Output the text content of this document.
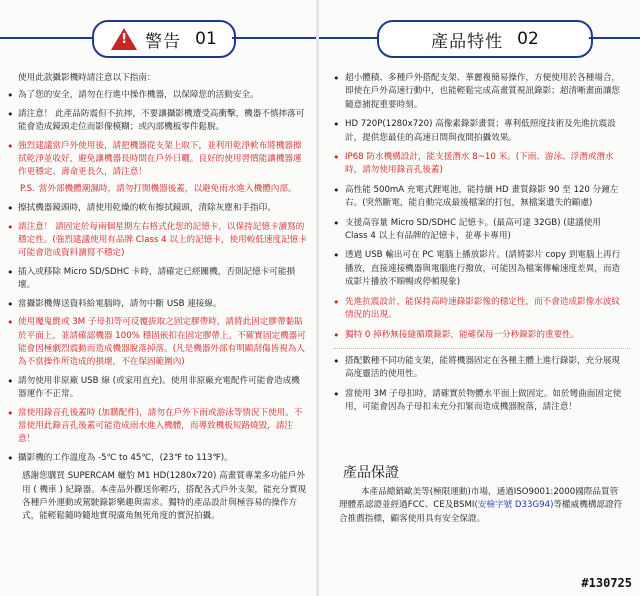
! 警告 01
使用此款攝影機時請注意以下指南：
• 為了您的安全，請勿在行進中操作機器，以保障您的活動安全。
• 請注意！ 此產品防震但不抗摔，不要讓攝影機遭受高衝擊，機器不慎摔落可能會造成鏡頭走位而影像模糊；或內部機板零件鬆脫。
• 強烈建議當戶外使用後，請把機器從支架上取下，並利用乾淨軟布將機器擦拭乾淨並收好，避免讓機器長時間在戶外日曬。良好的使用習慣能讓機器運作更穩定、壽命更長久，請注意！
P.S. 當外部機體潮濕時，請勿打開機器後蓋，以避免雨水進入機體內部。
• 擦拭機器鏡頭時，請使用乾燥的軟布擦拭鏡頭，清除灰塵和手指印。
• 請注意！ 請固定於每兩個星期左右格式化您的記憶卡，以保持記憶卡讀寫的穩定性。(強烈建議使用有品牌 Class 4 以上的記憶卡，使用較低速度記憶卡可能會造成資料讀寫不穩定)
• 插入或移除 Micro SD/SDHC 卡時，請確定已經關機，否則記憶卡可能損壞。
• 當攝影機傳送資料給電腦時，請勿中斷 USB 連接線。
• 使用魔鬼氈或 3M 子母扣等可反覆拔取之固定膠帶時，請將此固定膠帶黏貼於平面上，並請確認機器 100% 穩固嵌扣在固定膠帶上。不確實固定機器可能會因極劇烈震動而造成機器脫落掉落。(凡是機器外部有明顯刮傷皆視為人為不當操作所造成的損壞，不在保固範圍內)
• 請勿使用非原廠 USB 線 (或家用直充)。使用非原廠充電配件可能會造成機器運作不正常。
• 當使用錄音孔後蓋時 (加購配件)，請勿在戶外下雨或游泳等情況下使用。不當使用此錄音孔後蓋可能造成雨水進入機體，而導致機板短路燒毀，請注意！
• 攝影機的工作溫度為 -5℃ to 45℃，(23℉ to 113℉)。
感謝您購買 SUPERCAM 蠟豹 M1 HD(1280x720) 高畫質專業多功能戶外用 ( 機車 ) 紀錄器。本產品外觀送你輕巧，搭配各式戶外支架，能充分實現各種戶外運動或駕駛錄影樂趣與需求。獨特的產品設計與極容易的操作方式，能輕鬆隨時隨地實現廣角無死角度的實況拍攝。
產品特性 02
• 超小體積、多種戶外搭配支架、華麗複簡易操作，方便使用於各種場合，即使在戶外高速行動中，也能輕鬆完成高畫質視訊錄影；超清晰畫面讓您隨意捕捉重要時刻。
• HD 720P(1280x720) 高像素錄影畫質；專利低照度技術及先進抗震設計，提供您最佳的高速日間與夜間拍攝效果。
• IP68 防水機構設計，能支援潛水 8~10 米。(下雨、游泳、浮潛或潛水時，請勿使用錄音孔後蓋)
• 高性能 500mA 充電式鋰電池，能持續 HD 畫質錄影 90 至 120 分鐘左右。(突然斷電，能自動完成最後檔案的打包，無檔案遺失的顧慮)
• 支援高容量 Micro SD/SDHC 記憶卡。(最高可達 32GB) (建議使用 Class 4 以上有品牌的記憶卡，並專卡專用)
• 透過 USB 輸出可在 PC 電腦上播放影片。(請將影片 copy 到電腦上再行播放，直接連接機器與電腦進行撥放，可能因為檔案傳輸速度差異，而造成影片播放不順暢或停頓現象)
• 先進抗震設計，能保持高時速錄影影像的穩定性，而不會造成影像水波紋情況的出現。
• 獨特 0 掉秒無接縫循環錄影，能確保每一分秒錄影的重要性。
• 搭配數種不同功能支架，能將機器固定在各種主體上進行錄影，充分展現高度靈活的使用性。
• 當使用 3M 子母扣時，請確實於物體水平面上做固定。如於彎曲面固定使用，可能會因為子母扣未充分扣緊而造成機器脫落，請注意！
產品保證
本產品總銷歐美等(極限運動)市場，通過ISO9001:2000國際品質管理體系認證並經過FCC、CE及BSMI(安檢字號 D33G94)等權威機構認證符合推薦指標，顧客使用具有安全保證。
#130725
